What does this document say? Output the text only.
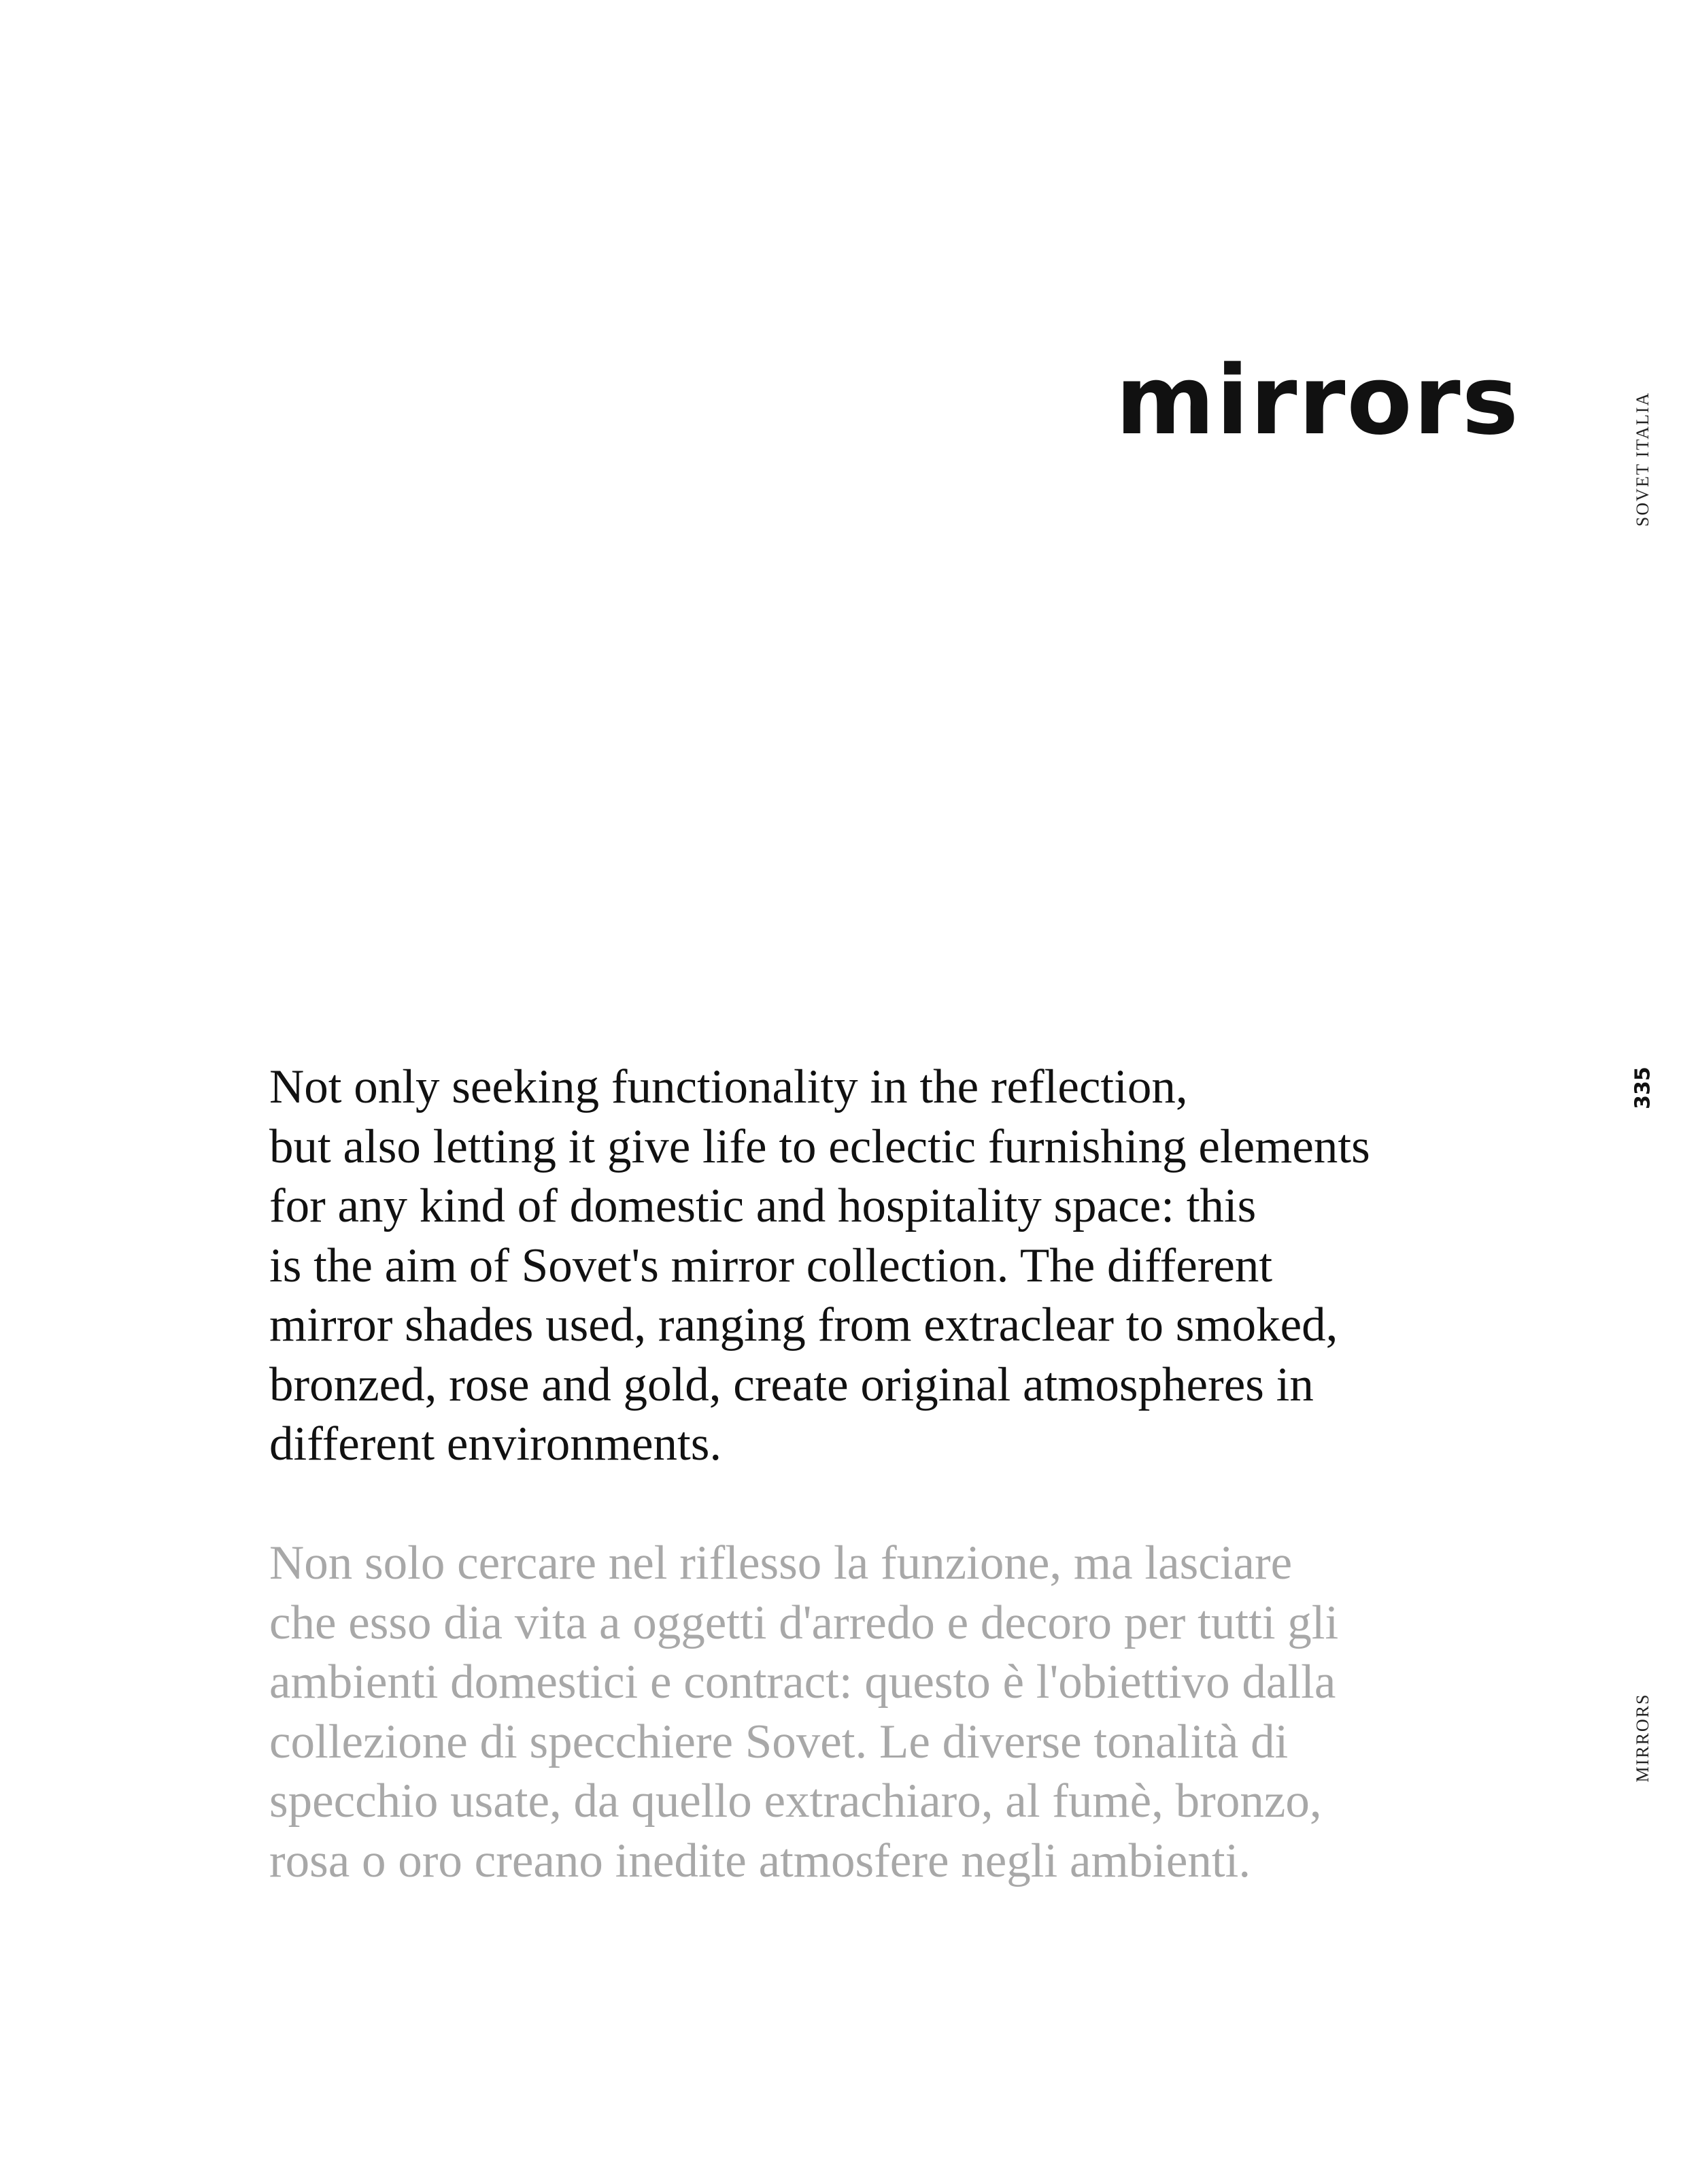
mirrors	SOVET ITALIA
335
MIRRORS
Not only seeking functionality in the reflection,
but also letting it give life to eclectic furnishing elements
for any kind of domestic and hospitality space: this
is the aim of Sovet's mirror collection. The different
mirror shades used, ranging from extraclear to smoked,
bronzed, rose and gold, create original atmospheres in
different environments.
Non solo cercare nel riflesso la funzione, ma lasciare
che esso dia vita a oggetti d'arredo e decoro per tutti gli
ambienti domestici e contract: questo è l'obiettivo dalla
collezione di specchiere Sovet. Le diverse tonalità di
specchio usate, da quello extrachiaro, al fumè, bronzo,
rosa o oro creano inedite atmosfere negli ambienti.
